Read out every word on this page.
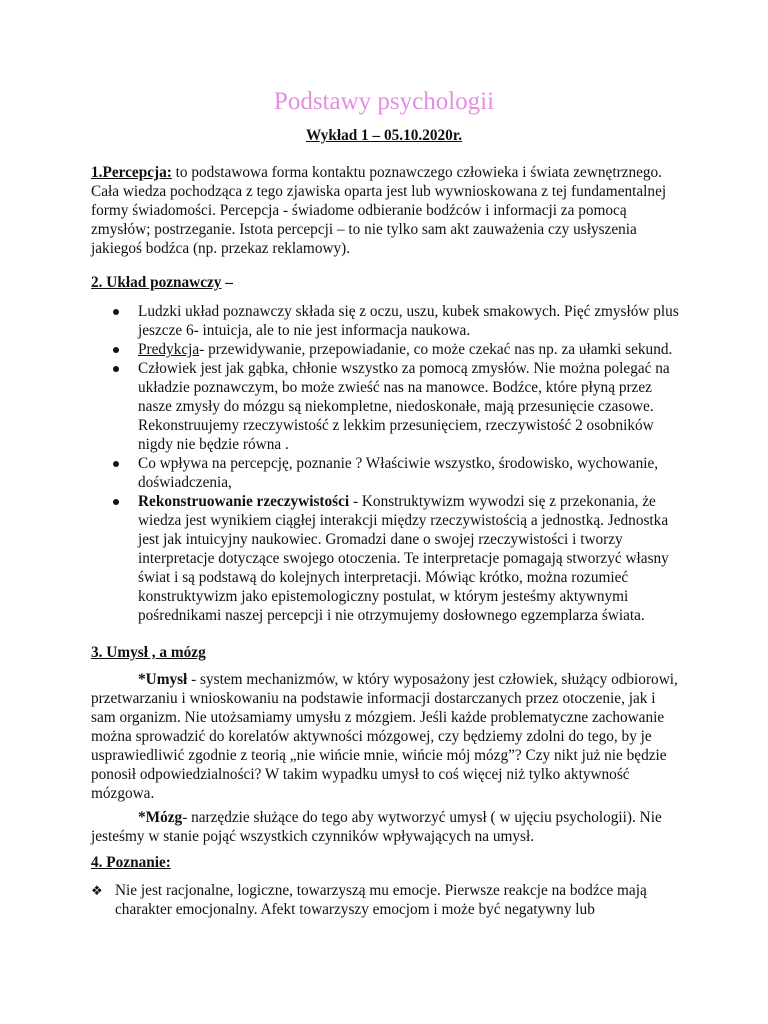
Podstawy psychologii

Wykład 1 – 05.10.2020r.

1.Percepcja: to podstawowa forma kontaktu poznawczego człowieka i świata zewnętrznego. Cała wiedza pochodząca z tego zjawiska oparta jest lub wywnioskowana z tej fundamentalnej formy świadomości. Percepcja - świadome odbieranie bodźców i informacji za pomocą zmysłów; postrzeganie. Istota percepcji – to nie tylko sam akt zauważenia czy usłyszenia jakiegoś bodźca (np. przekaz reklamowy).

2. Układ poznawczy –

Ludzki układ poznawczy składa się z oczu, uszu, kubek smakowych. Pięć zmysłów plus jeszcze 6- intuicja, ale to nie jest informacja naukowa.
Predykcja- przewidywanie, przepowiadanie, co może czekać nas np. za ułamki sekund.
Człowiek jest jak gąbka, chłonie wszystko za pomocą zmysłów. Nie można polegać na układzie poznawczym, bo może zwieść nas na manowce. Bodźce, które płyną przez nasze zmysły do mózgu są niekompletne, niedoskonałe, mają przesunięcie czasowe. Rekonstruujemy rzeczywistość z lekkim przesunięciem, rzeczywistość 2 osobników nigdy nie będzie równa .
Co wpływa na percepcję, poznanie ? Właściwie wszystko, środowisko, wychowanie, doświadczenia,
Rekonstruowanie rzeczywistości - Konstruktywizm wywodzi się z przekonania, że wiedza jest wynikiem ciągłej interakcji między rzeczywistością a jednostką. Jednostka jest jak intuicyjny naukowiec. Gromadzi dane o swojej rzeczywistości i tworzy interpretacje dotyczące swojego otoczenia. Te interpretacje pomagają stworzyć własny świat i są podstawą do kolejnych interpretacji. Mówiąc krótko, można rozumieć konstruktywizm jako epistemologiczny postulat, w którym jesteśmy aktywnymi pośrednikami naszej percepcji i nie otrzymujemy dosłownego egzemplarza świata.

3. Umysł , a mózg

*Umysł - system mechanizmów, w który wyposażony jest człowiek, służący odbiorowi, przetwarzaniu i wnioskowaniu na podstawie informacji dostarczanych przez otoczenie, jak i sam organizm. Nie utożsamiamy umysłu z mózgiem. Jeśli każde problematyczne zachowanie można sprowadzić do korelatów aktywności mózgowej, czy będziemy zdolni do tego, by je usprawiedliwić zgodnie z teorią „nie wińcie mnie, wińcie mój mózg”? Czy nikt już nie będzie ponosił odpowiedzialności? W takim wypadku umysł to coś więcej niż tylko aktywność mózgowa.

*Mózg- narzędzie służące do tego aby wytworzyć umysł ( w ujęciu psychologii). Nie jesteśmy w stanie pojąć wszystkich czynników wpływających na umysł.

4. Poznanie:

❖ Nie jest racjonalne, logiczne, towarzyszą mu emocje. Pierwsze reakcje na bodźce mają charakter emocjonalny. Afekt towarzyszy emocjom i może być negatywny lub
